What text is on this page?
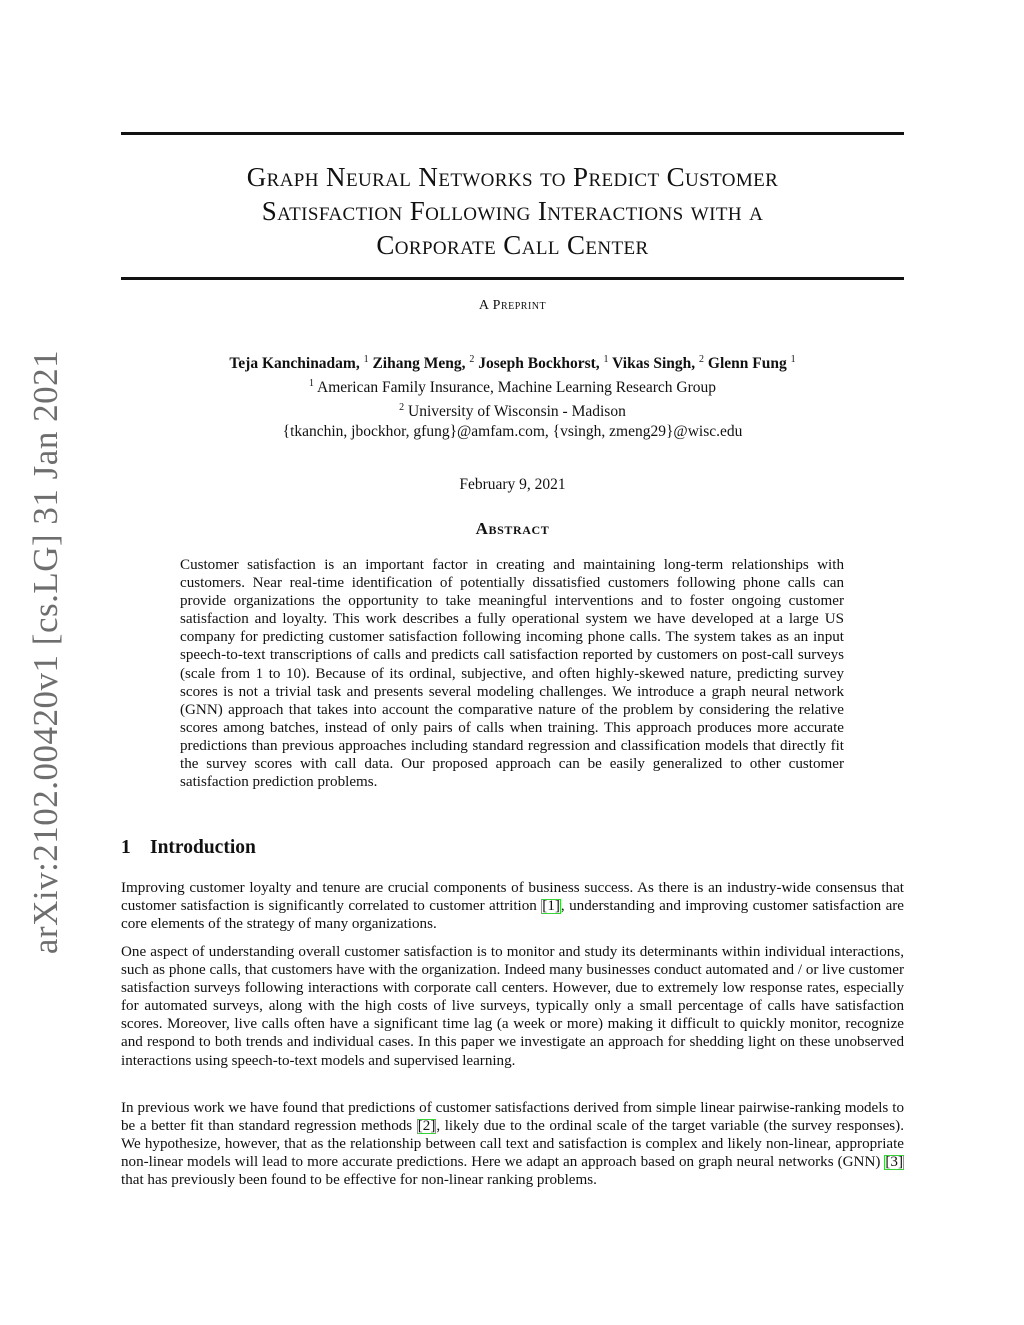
arXiv:2102.00420v1 [cs.LG] 31 Jan 2021
Graph Neural Networks to Predict Customer
Satisfaction Following Interactions with a
Corporate Call Center
A Preprint
Teja Kanchinadam, $^1$ Zihang Meng, $^2$ Joseph Bockhorst, $^1$ Vikas Singh, $^2$ Glenn Fung $^1$
$^1$ American Family Insurance, Machine Learning Research Group
$^2$ University of Wisconsin - Madison
{tkanchin, jbockhor, gfung}@amfam.com, {vsingh, zmeng29}@wisc.edu
February 9, 2021
Abstract
Customer satisfaction is an important factor in creating and maintaining long-term relationships with customers. Near real-time identification of potentially dissatisfied customers following phone calls can provide organizations the opportunity to take meaningful interventions and to foster ongoing customer satisfaction and loyalty. This work describes a fully operational system we have developed at a large US company for predicting customer satisfaction following incoming phone calls. The system takes as an input speech-to-text transcriptions of calls and predicts call satisfaction reported by customers on post-call surveys (scale from 1 to 10). Because of its ordinal, subjective, and often highly-skewed nature, predicting survey scores is not a trivial task and presents several modeling challenges. We introduce a graph neural network (GNN) approach that takes into account the comparative nature of the problem by considering the relative scores among batches, instead of only pairs of calls when training. This approach produces more accurate predictions than previous approaches including standard regression and classification models that directly fit the survey scores with call data. Our proposed approach can be easily generalized to other customer satisfaction prediction problems.
1 Introduction
Improving customer loyalty and tenure are crucial components of business success. As there is an industry-wide consensus that customer satisfaction is significantly correlated to customer attrition [1], understanding and improving customer satisfaction are core elements of the strategy of many organizations.
One aspect of understanding overall customer satisfaction is to monitor and study its determinants within individual interactions, such as phone calls, that customers have with the organization. Indeed many businesses conduct automated and / or live customer satisfaction surveys following interactions with corporate call centers. However, due to extremely low response rates, especially for automated surveys, along with the high costs of live surveys, typically only a small percentage of calls have satisfaction scores. Moreover, live calls often have a significant time lag (a week or more) making it difficult to quickly monitor, recognize and respond to both trends and individual cases. In this paper we investigate an approach for shedding light on these unobserved interactions using speech-to-text models and supervised learning.
In previous work we have found that predictions of customer satisfactions derived from simple linear pairwise-ranking models to be a better fit than standard regression methods [2], likely due to the ordinal scale of the target variable (the survey responses). We hypothesize, however, that as the relationship between call text and satisfaction is complex and likely non-linear, appropriate non-linear models will lead to more accurate predictions. Here we adapt an approach based on graph neural networks (GNN) [3] that has previously been found to be effective for non-linear ranking problems.
